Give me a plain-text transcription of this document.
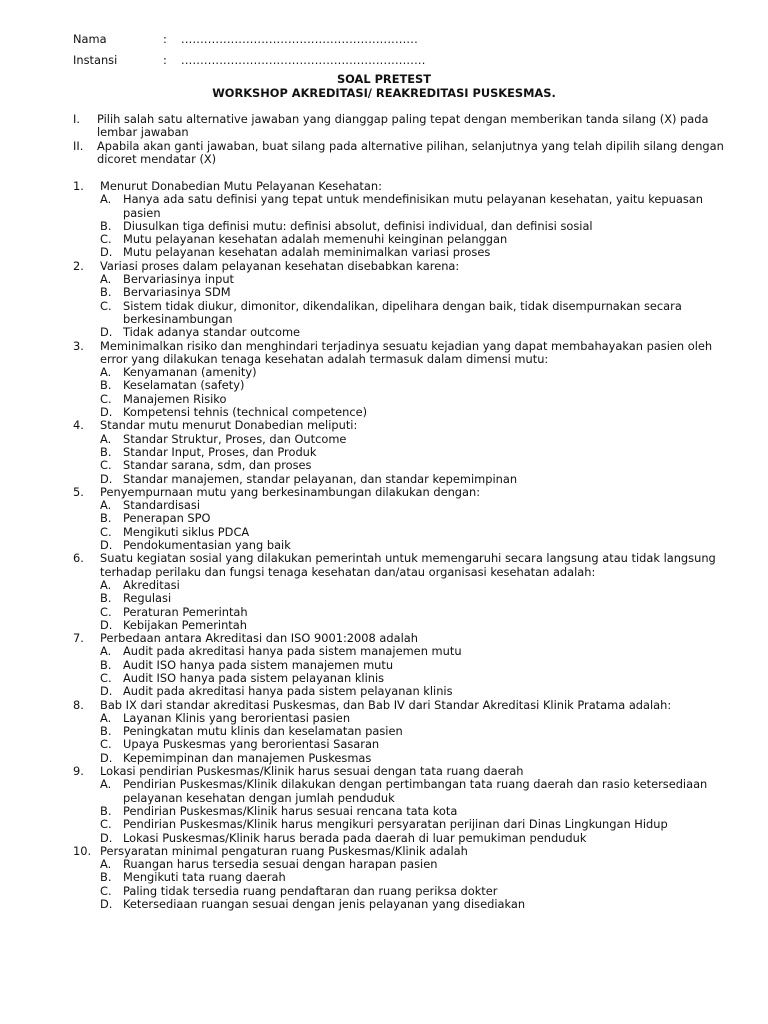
Nama	: ..............................................................
Instansi	: ................................................................
SOAL PRETEST
WORKSHOP AKREDITASI/ REAKREDITASI PUSKESMAS.
I. Pilih salah satu alternative jawaban yang dianggap paling tepat dengan memberikan tanda silang (X) pada lembar jawaban
II. Apabila akan ganti jawaban, buat silang pada alternative pilihan, selanjutnya yang telah dipilih silang dengan dicoret mendatar (X)
1. Menurut Donabedian Mutu Pelayanan Kesehatan:
A. Hanya ada satu definisi yang tepat untuk mendefinisikan mutu pelayanan kesehatan, yaitu kepuasan pasien
B. Diusulkan tiga definisi mutu: definisi absolut, definisi individual, dan definisi sosial
C. Mutu pelayanan kesehatan adalah memenuhi keinginan pelanggan
D. Mutu pelayanan kesehatan adalah meminimalkan variasi proses
2. Variasi proses dalam pelayanan kesehatan disebabkan karena:
A. Bervariasinya input
B. Bervariasinya SDM
C. Sistem tidak diukur, dimonitor, dikendalikan, dipelihara dengan baik, tidak disempurnakan secara berkesinambungan
D. Tidak adanya standar outcome
3. Meminimalkan risiko dan menghindari terjadinya sesuatu kejadian yang dapat membahayakan pasien oleh error yang dilakukan tenaga kesehatan adalah termasuk dalam dimensi mutu:
A. Kenyamanan (amenity)
B. Keselamatan (safety)
C. Manajemen Risiko
D. Kompetensi tehnis (technical competence)
4. Standar mutu menurut Donabedian meliputi:
A. Standar Struktur, Proses, dan Outcome
B. Standar Input, Proses, dan Produk
C. Standar sarana, sdm, dan proses
D. Standar manajemen, standar pelayanan, dan standar kepemimpinan
5. Penyempurnaan mutu yang berkesinambungan dilakukan dengan:
A. Standardisasi
B. Penerapan SPO
C. Mengikuti siklus PDCA
D. Pendokumentasian yang baik
6. Suatu kegiatan sosial yang dilakukan pemerintah untuk memengaruhi secara langsung atau tidak langsung terhadap perilaku dan fungsi tenaga kesehatan dan/atau organisasi kesehatan adalah:
A. Akreditasi
B. Regulasi
C. Peraturan Pemerintah
D. Kebijakan Pemerintah
7. Perbedaan antara Akreditasi dan ISO 9001:2008 adalah
A. Audit pada akreditasi hanya pada sistem manajemen mutu
B. Audit ISO hanya pada sistem manajemen mutu
C. Audit ISO hanya pada sistem pelayanan klinis
D. Audit pada akreditasi hanya pada sistem pelayanan klinis
8. Bab IX dari standar akreditasi Puskesmas, dan Bab IV dari Standar Akreditasi Klinik Pratama adalah:
A. Layanan Klinis yang berorientasi pasien
B. Peningkatan mutu klinis dan keselamatan pasien
C. Upaya Puskesmas yang berorientasi Sasaran
D. Kepemimpinan dan manajemen Puskesmas
9. Lokasi pendirian Puskesmas/Klinik harus sesuai dengan tata ruang daerah
A. Pendirian Puskesmas/Klinik dilakukan dengan pertimbangan tata ruang daerah dan rasio ketersediaan pelayanan kesehatan dengan jumlah penduduk
B. Pendirian Puskesmas/Klinik harus sesuai rencana tata kota
C. Pendirian Puskesmas/Klinik harus mengikuri persyaratan perijinan dari Dinas Lingkungan Hidup
D. Lokasi Puskesmas/Klinik harus berada pada daerah di luar pemukiman penduduk
10. Persyaratan minimal pengaturan ruang Puskesmas/Klinik adalah
A. Ruangan harus tersedia sesuai dengan harapan pasien
B. Mengikuti tata ruang daerah
C. Paling tidak tersedia ruang pendaftaran dan ruang periksa dokter
D. Ketersediaan ruangan sesuai dengan jenis pelayanan yang disediakan
